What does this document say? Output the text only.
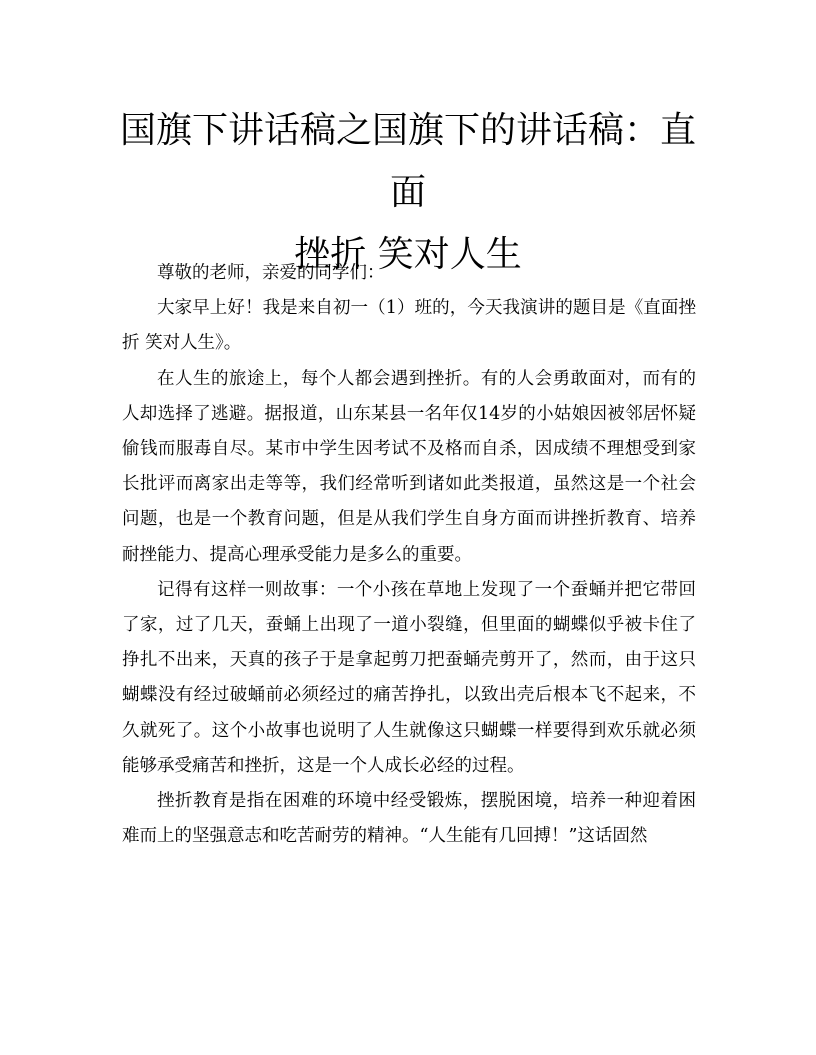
国旗下讲话稿之国旗下的讲话稿：直面
挫折 笑对人生

尊敬的老师，亲爱的同学们：

大家早上好！我是来自初一（1）班的，今天我演讲的题目是《直面挫折 笑对人生》。

在人生的旅途上，每个人都会遇到挫折。有的人会勇敢面对，而有的人却选择了逃避。据报道，山东某县一名年仅14岁的小姑娘因被邻居怀疑偷钱而服毒自尽。某市中学生因考试不及格而自杀，因成绩不理想受到家长批评而离家出走等等，我们经常听到诸如此类报道，虽然这是一个社会问题，也是一个教育问题，但是从我们学生自身方面而讲挫折教育、培养耐挫能力、提高心理承受能力是多么的重要。

记得有这样一则故事：一个小孩在草地上发现了一个蚕蛹并把它带回了家，过了几天，蚕蛹上出现了一道小裂缝，但里面的蝴蝶似乎被卡住了挣扎不出来，天真的孩子于是拿起剪刀把蚕蛹壳剪开了，然而，由于这只蝴蝶没有经过破蛹前必须经过的痛苦挣扎，以致出壳后根本飞不起来，不久就死了。这个小故事也说明了人生就像这只蝴蝶一样要得到欢乐就必须能够承受痛苦和挫折，这是一个人成长必经的过程。

挫折教育是指在困难的环境中经受锻炼，摆脱困境，培养一种迎着困难而上的坚强意志和吃苦耐劳的精神。“人生能有几回搏！”这话固然
